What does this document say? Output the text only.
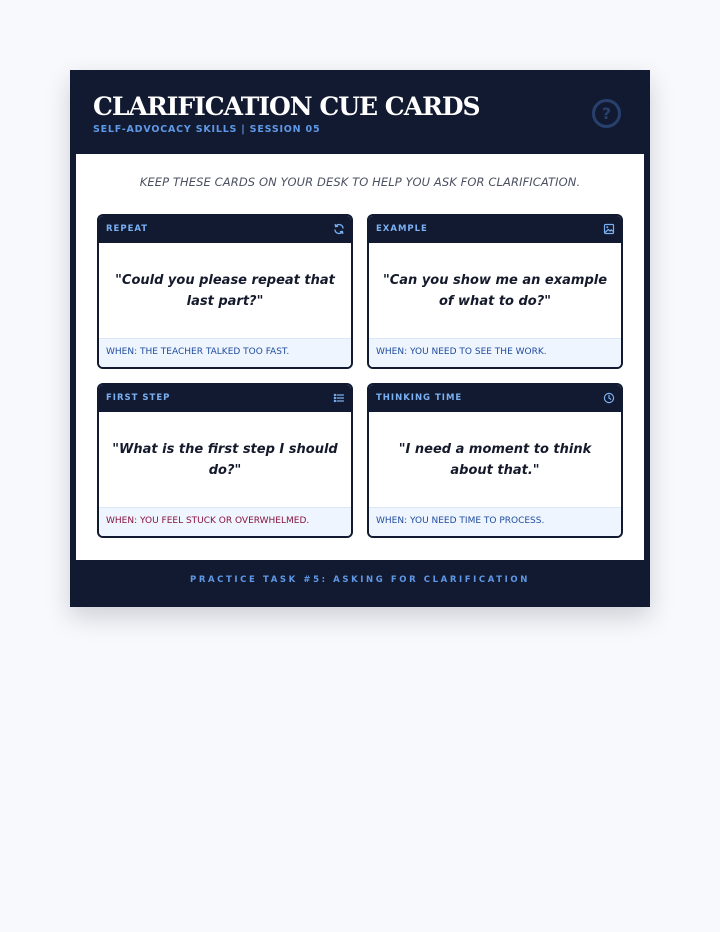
CLARIFICATION CUE CARDS
SELF-ADVOCACY SKILLS | SESSION 05
?
KEEP THESE CARDS ON YOUR DESK TO HELP YOU ASK FOR CLARIFICATION.
REPEAT
"Could you please repeat that last part?"
WHEN: THE TEACHER TALKED TOO FAST.
EXAMPLE
"Can you show me an example of what to do?"
WHEN: YOU NEED TO SEE THE WORK.
FIRST STEP
"What is the first step I should do?"
WHEN: YOU FEEL STUCK OR OVERWHELMED.
THINKING TIME
"I need a moment to think about that."
WHEN: YOU NEED TIME TO PROCESS.
PRACTICE TASK #5: ASKING FOR CLARIFICATION
